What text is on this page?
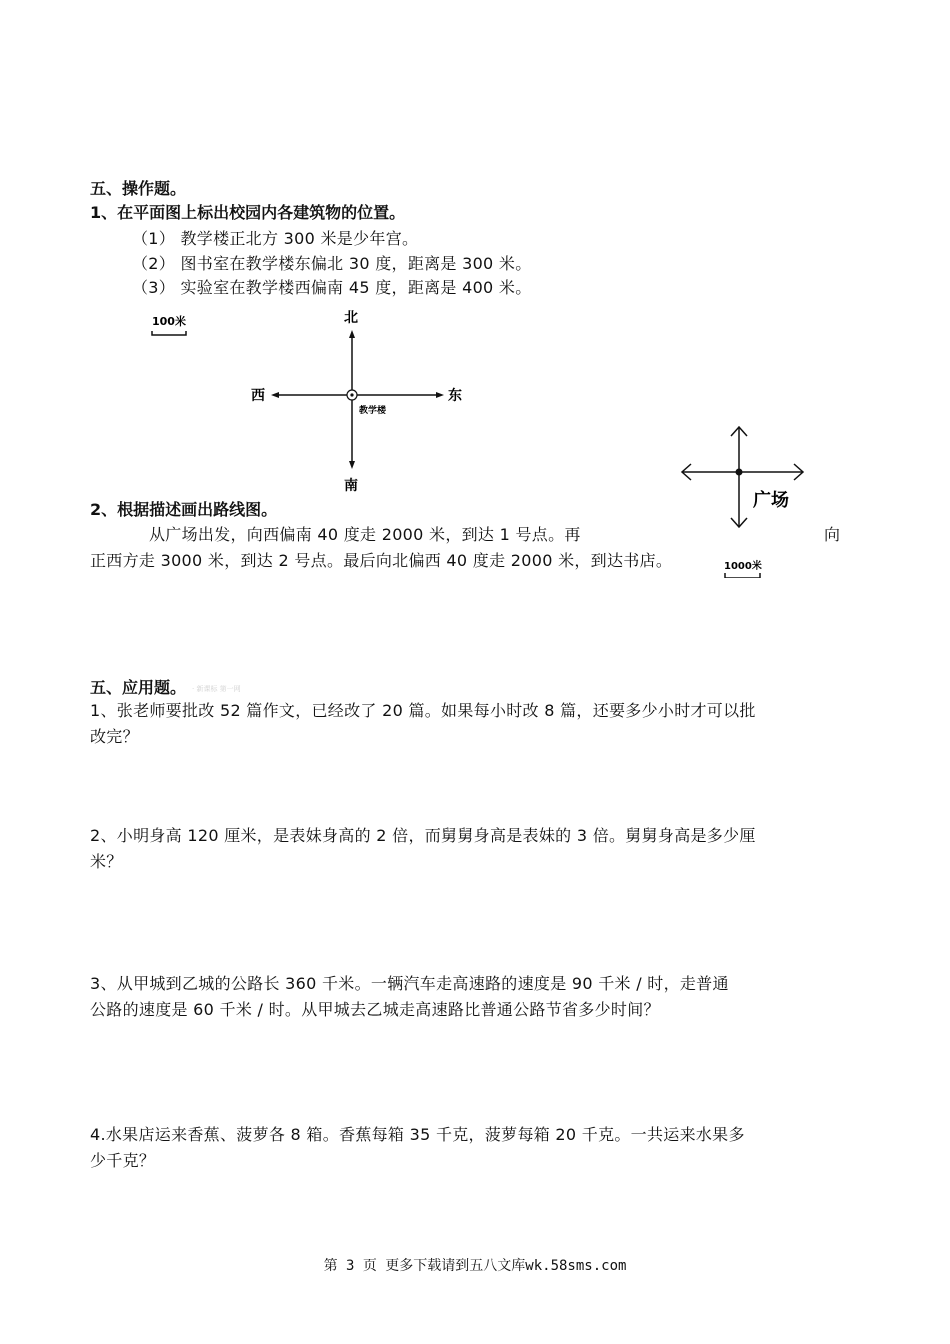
五、操作题。
1、在平面图上标出校园内各建筑物的位置。
（1） 教学楼正北方 300 米是少年宫。
（2） 图书室在教学楼东偏北 30 度，距离是 300 米。
（3） 实验室在教学楼西偏南 45 度，距离是 400 米。
100米	北
南
西	东
教学楼
广场
1000米
2、根据描述画出路线图。
从广场出发，向西偏南 40 度走 2000 米，到达 1 号点。再	向
正西方走 3000 米，到达 2 号点。最后向北偏西 40 度走 2000 米，到达书店。
五、应用题。 · 新课标 第一网
1、张老师要批改 52 篇作文，已经改了 20 篇。如果每小时改 8 篇，还要多少小时才可以批
改完？
2、小明身高 120 厘米，是表妹身高的 2 倍，而舅舅身高是表妹的 3 倍。舅舅身高是多少厘
米？
3、从甲城到乙城的公路长 360 千米。一辆汽车走高速路的速度是 90 千米 / 时，走普通
公路的速度是 60 千米 / 时。从甲城去乙城走高速路比普通公路节省多少时间？
4.水果店运来香蕉、菠萝各 8 箱。香蕉每箱 35 千克，菠萝每箱 20 千克。一共运来水果多
少千克？
第 3 页 更多下载请到五八文库wk.58sms.com
